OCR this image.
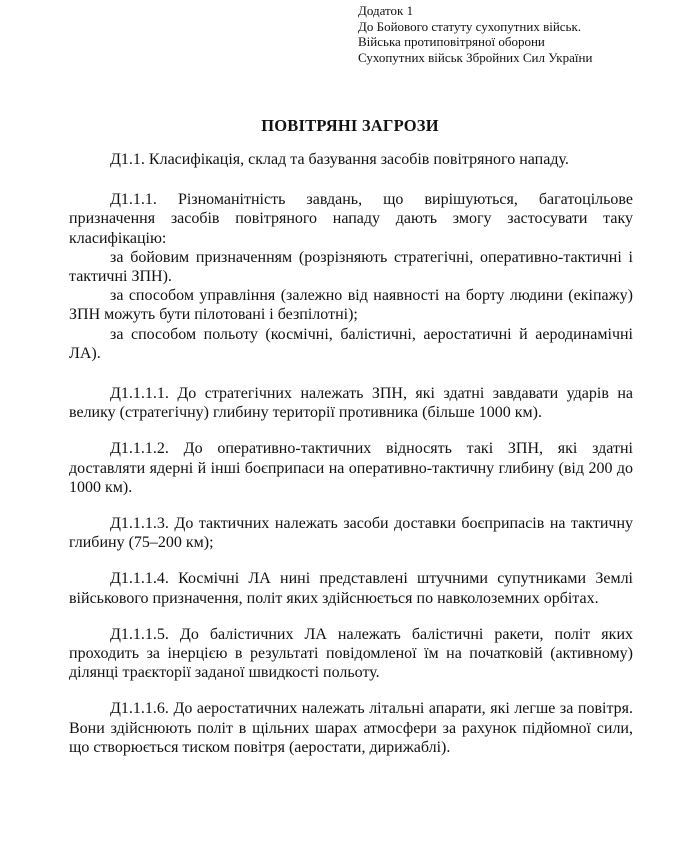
Додаток 1
До Бойового статуту сухопутних військ.
Війська протиповітряної оборони
Сухопутних військ Збройних Сил України
ПОВІТРЯНІ ЗАГРОЗИ

Д1.1. Класифікація, склад та базування засобів повітряного нападу.

Д1.1.1. Різноманітність завдань, що вирішуються, багатоцільове призначення засобів повітряного нападу дають змогу застосувати таку класифікацію:

за бойовим призначенням (розрізняють стратегічні, оперативно-тактичні і тактичні ЗПН).

за способом управління (залежно від наявності на борту людини (екіпажу) ЗПН можуть бути пілотовані і безпілотні);

за способом польоту (космічні, балістичні, аеростатичні й аеродинамічні ЛА).

Д1.1.1.1. До стратегічних належать ЗПН, які здатні завдавати ударів на велику (стратегічну) глибину території противника (більше 1000 км).

Д1.1.1.2. До оперативно-тактичних відносять такі ЗПН, які здатні доставляти ядерні й інші боєприпаси на оперативно-тактичну глибину (від 200 до 1000 км).

Д1.1.1.3. До тактичних належать засоби доставки боєприпасів на тактичну глибину (75–200 км);

Д1.1.1.4. Космічні ЛА нині представлені штучними супутниками Землі військового призначення, політ яких здійснюється по навколоземних орбітах.

Д1.1.1.5. До балістичних ЛА належать балістичні ракети, політ яких проходить за інерцією в результаті повідомленої їм на початковій (активному) ділянці траєкторії заданої швидкості польоту.

Д1.1.1.6. До аеростатичних належать літальні апарати, які легше за повітря. Вони здійснюють політ в щільних шарах атмосфери за рахунок підйомної сили, що створюється тиском повітря (аеростати, дирижаблі).
